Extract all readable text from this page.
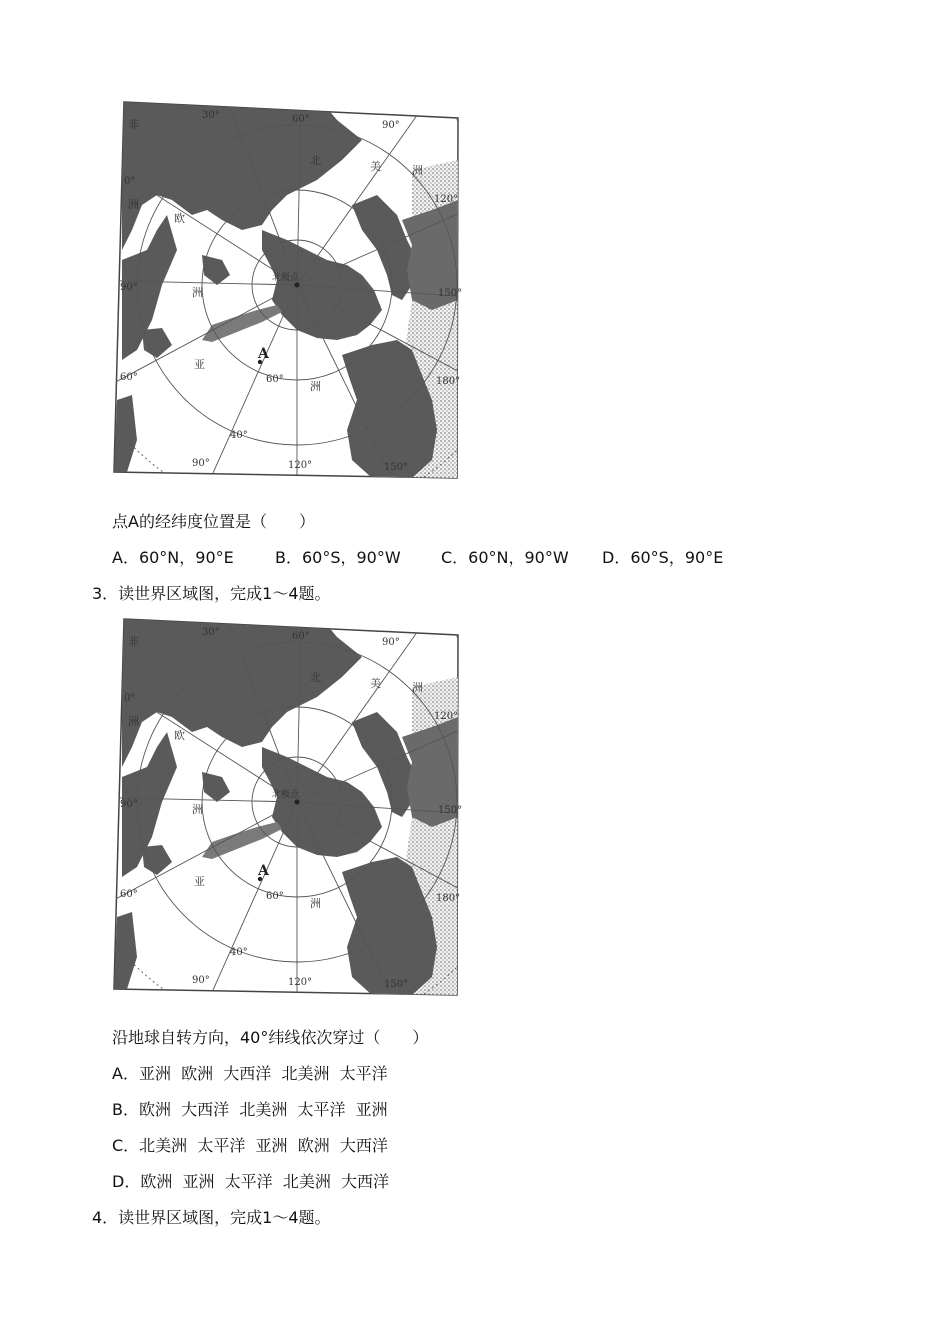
30°	60°
90°
120°
150°
180°
150°
120°
90°
60°	60°
40°
0°
90°
北极点
A
非
洲
欧
洲
亚
洲
北	美	洲
点A的经纬度位置是（　　）
A．60°N，90°E	B．60°S，90°W	C．60°N，90°W D．60°S，90°E
3．读世界区域图，完成1～4题。
30°	60°
90°
120°
150°
180°
150°
120°
90°
60°	60°
40°
0°
90°
北极点
A
非
洲
欧
洲
亚
洲
北	美	洲
沿地球自转方向，40°纬线依次穿过（　　）
A．亚洲  欧洲  大西洋  北美洲  太平洋
B．欧洲  大西洋  北美洲  太平洋  亚洲
C．北美洲  太平洋  亚洲  欧洲  大西洋
D．欧洲  亚洲  太平洋  北美洲  大西洋
4．读世界区域图，完成1～4题。
